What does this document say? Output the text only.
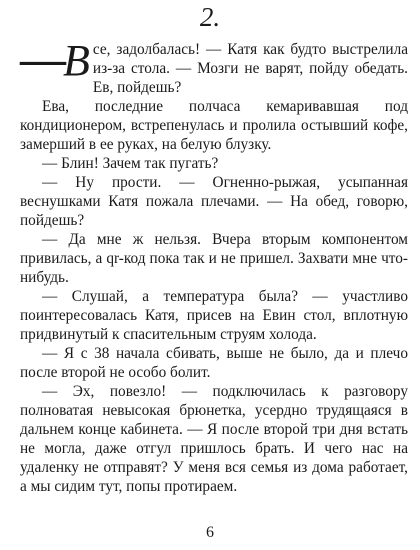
2.

— В се, задолбалась! — Катя как будто выстрелила из-за стола. — Мозги не варят, пойду обедать. Ев, пойдешь?

Ева, последние полчаса кемаривавшая под кондиционером, встрепенулась и пролила остывший кофе, замерший в ее руках, на белую блузку.

— Блин! Зачем так пугать?

— Ну прости. — Огненно-рыжая, усыпанная веснушками Катя пожала плечами. — На обед, говорю, пойдешь?

— Да мне ж нельзя. Вчера вторым компонентом привилась, а qr-код пока так и не пришел. Захвати мне что-нибудь.

— Слушай, а температура была? — участливо поинтересовалась Катя, присев на Евин стол, вплотную придвинутый к спасительным струям холода.

— Я с 38 начала сбивать, выше не было, да и плечо после второй не особо болит.

— Эх, повезло! — подключилась к разговору полноватая невысокая брюнетка, усердно трудящаяся в дальнем конце кабинета. — Я после второй три дня встать не могла, даже отгул пришлось брать. И чего нас на удаленку не отправят? У меня вся семья из дома работает, а мы сидим тут, попы протираем.

6
